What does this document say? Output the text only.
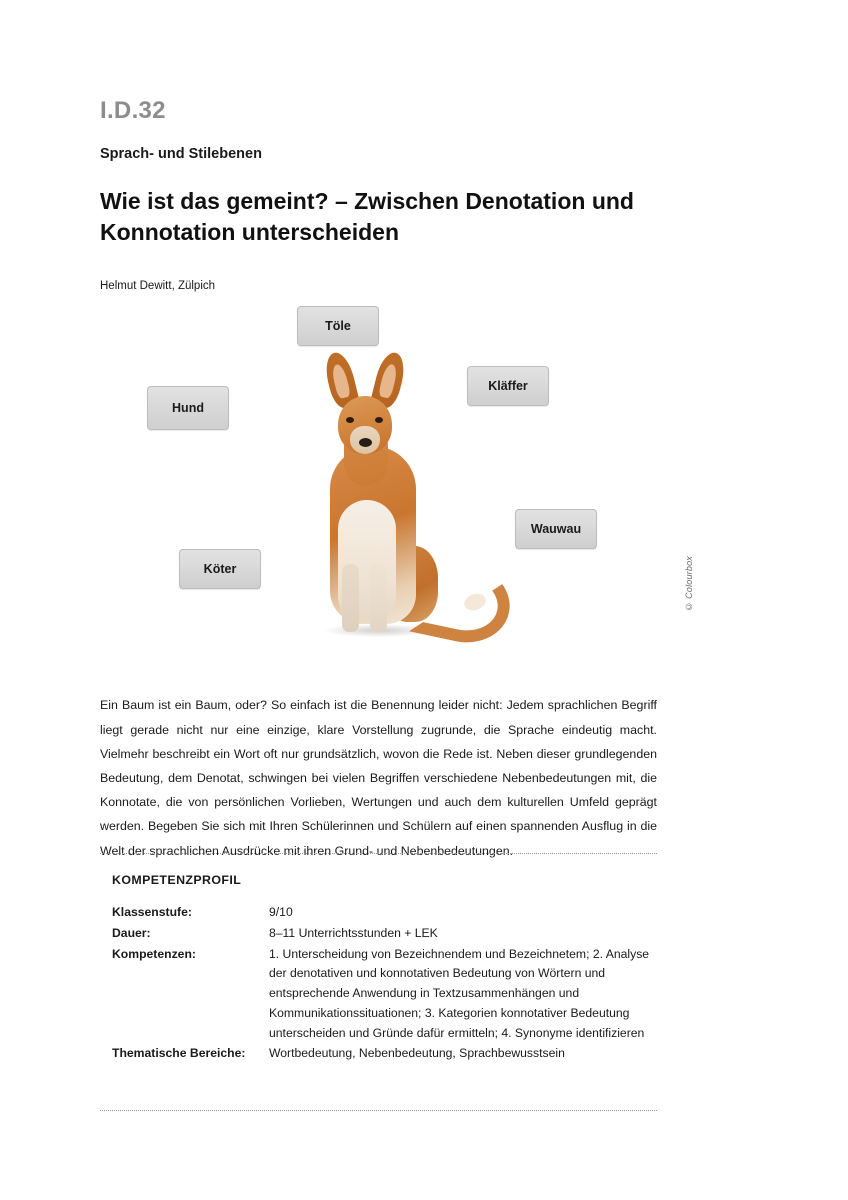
I.D.32
Sprach- und Stilebenen
Wie ist das gemeint? – Zwischen Denotation und Konnotation unterscheiden
Helmut Dewitt, Zülpich
Töle
Kläffer
Hund
Wauwau
Köter	© Colourbox

Ein Baum ist ein Baum, oder? So einfach ist die Benennung leider nicht: Jedem sprachlichen Begriff liegt gerade nicht nur eine einzige, klare Vorstellung zugrunde, die Sprache eindeutig macht. Vielmehr beschreibt ein Wort oft nur grundsätzlich, wovon die Rede ist. Neben dieser grundlegenden Bedeutung, dem Denotat, schwingen bei vielen Begriffen verschiedene Nebenbedeutungen mit, die Konnotate, die von persönlichen Vorlieben, Wertungen und auch dem kulturellen Umfeld geprägt werden. Begeben Sie sich mit Ihren Schülerinnen und Schülern auf einen spannenden Ausflug in die Welt der sprachlichen Ausdrücke mit ihren Grund- und Nebenbedeutungen.

KOMPETENZPROFIL
Klassenstufe:	9/10
Dauer:	8–11 Unterrichtsstunden + LEK
Kompetenzen:	1. Unterscheidung von Bezeichnendem und Bezeichnetem; 2. Analyse der denotativen und konnotativen Bedeutung von Wörtern und entsprechende Anwendung in Textzusammenhängen und Kommunikationssituationen; 3. Kategorien konnotativer Bedeutung unterscheiden und Gründe dafür ermitteln; 4. Synonyme identifizieren
Thematische Bereiche:	Wortbedeutung, Nebenbedeutung, Sprachbewusstsein
